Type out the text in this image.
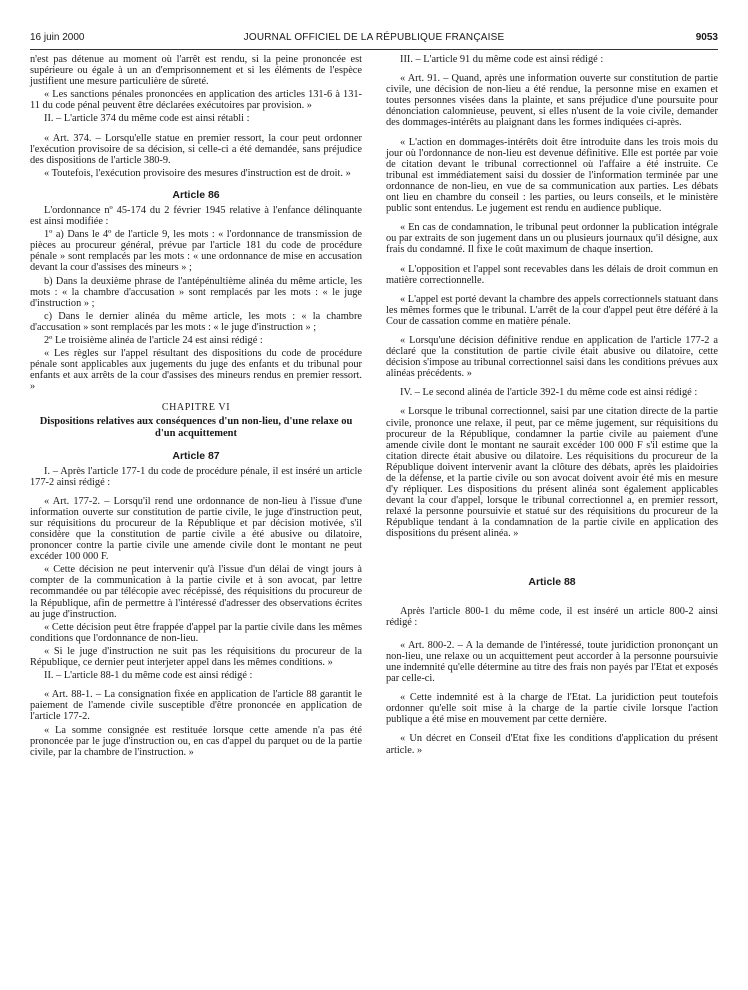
16 juin 2000	JOURNAL OFFICIEL DE LA RÉPUBLIQUE FRANÇAISE	9053

n'est pas détenue au moment où l'arrêt est rendu, si la peine prononcée est supérieure ou égale à un an d'emprisonnement et si les éléments de l'espèce justifient une mesure particulière de sûreté.

« Les sanctions pénales prononcées en application des articles 131-6 à 131-11 du code pénal peuvent être déclarées exécutoires par provision. »

II. – L'article 374 du même code est ainsi rétabli :

« Art. 374. – Lorsqu'elle statue en premier ressort, la cour peut ordonner l'exécution provisoire de sa décision, si celle-ci a été demandée, sans préjudice des dispositions de l'article 380-9.

« Toutefois, l'exécution provisoire des mesures d'instruction est de droit. »

Article 86

L'ordonnance nº 45-174 du 2 février 1945 relative à l'enfance délinquante est ainsi modifiée :

1º a) Dans le 4º de l'article 9, les mots : « l'ordonnance de transmission de pièces au procureur général, prévue par l'article 181 du code de procédure pénale » sont remplacés par les mots : « une ordonnance de mise en accusation devant la cour d'assises des mineurs » ;

b) Dans la deuxième phrase de l'antépénultième alinéa du même article, les mots : « la chambre d'accusation » sont remplacés par les mots : « le juge d'instruction » ;

c) Dans le dernier alinéa du même article, les mots : « la chambre d'accusation » sont remplacés par les mots : « le juge d'instruction » ;

2º Le troisième alinéa de l'article 24 est ainsi rédigé :

« Les règles sur l'appel résultant des dispositions du code de procédure pénale sont applicables aux jugements du juge des enfants et du tribunal pour enfants et aux arrêts de la cour d'assises des mineurs rendus en premier ressort. »

CHAPITRE VI
Dispositions relatives aux conséquences d'un non-lieu, d'une relaxe ou d'un acquittement
Article 87

I. – Après l'article 177-1 du code de procédure pénale, il est inséré un article 177-2 ainsi rédigé :

« Art. 177-2. – Lorsqu'il rend une ordonnance de non-lieu à l'issue d'une information ouverte sur constitution de partie civile, le juge d'instruction peut, sur réquisitions du procureur de la République et par décision motivée, s'il considère que la constitution de partie civile a été abusive ou dilatoire, prononcer contre la partie civile une amende civile dont le montant ne peut excéder 100 000 F.

« Cette décision ne peut intervenir qu'à l'issue d'un délai de vingt jours à compter de la communication à la partie civile et à son avocat, par lettre recommandée ou par télécopie avec récépissé, des réquisitions du procureur de la République, afin de permettre à l'intéressé d'adresser des observations écrites au juge d'instruction.

« Cette décision peut être frappée d'appel par la partie civile dans les mêmes conditions que l'ordonnance de non-lieu.

« Si le juge d'instruction ne suit pas les réquisitions du procureur de la République, ce dernier peut interjeter appel dans les mêmes conditions. »

II. – L'article 88-1 du même code est ainsi rédigé :

« Art. 88-1. – La consignation fixée en application de l'article 88 garantit le paiement de l'amende civile susceptible d'être prononcée en application de l'article 177-2.

« La somme consignée est restituée lorsque cette amende n'a pas été prononcée par le juge d'instruction ou, en cas d'appel du parquet ou de la partie civile, par la chambre de l'instruction. »

III. – L'article 91 du même code est ainsi rédigé :

« Art. 91. – Quand, après une information ouverte sur constitution de partie civile, une décision de non-lieu a été rendue, la personne mise en examen et toutes personnes visées dans la plainte, et sans préjudice d'une poursuite pour dénonciation calomnieuse, peuvent, si elles n'usent de la voie civile, demander des dommages-intérêts au plaignant dans les formes indiquées ci-après.

« L'action en dommages-intérêts doit être introduite dans les trois mois du jour où l'ordonnance de non-lieu est devenue définitive. Elle est portée par voie de citation devant le tribunal correctionnel où l'affaire a été instruite. Ce tribunal est immédiatement saisi du dossier de l'information terminée par une ordonnance de non-lieu, en vue de sa communication aux parties. Les débats ont lieu en chambre du conseil : les parties, ou leurs conseils, et le ministère public sont entendus. Le jugement est rendu en audience publique.

« En cas de condamnation, le tribunal peut ordonner la publication intégrale ou par extraits de son jugement dans un ou plusieurs journaux qu'il désigne, aux frais du condamné. Il fixe le coût maximum de chaque insertion.

« L'opposition et l'appel sont recevables dans les délais de droit commun en matière correctionnelle.

« L'appel est porté devant la chambre des appels correctionnels statuant dans les mêmes formes que le tribunal. L'arrêt de la cour d'appel peut être déféré à la Cour de cassation comme en matière pénale.

« Lorsqu'une décision définitive rendue en application de l'article 177-2 a déclaré que la constitution de partie civile était abusive ou dilatoire, cette décision s'impose au tribunal correctionnel saisi dans les conditions prévues aux alinéas précédents. »

IV. – Le second alinéa de l'article 392-1 du même code est ainsi rédigé :

« Lorsque le tribunal correctionnel, saisi par une citation directe de la partie civile, prononce une relaxe, il peut, par ce même jugement, sur réquisitions du procureur de la République, condamner la partie civile au paiement d'une amende civile dont le montant ne saurait excéder 100 000 F s'il estime que la citation directe était abusive ou dilatoire. Les réquisitions du procureur de la République doivent intervenir avant la clôture des débats, après les plaidoiries de la défense, et la partie civile ou son avocat doivent avoir été mis en mesure d'y répliquer. Les dispositions du présent alinéa sont également applicables devant la cour d'appel, lorsque le tribunal correctionnel a, en premier ressort, relaxé la personne poursuivie et statué sur des réquisitions du procureur de la République tendant à la condamnation de la partie civile en application des dispositions du présent alinéa. »

Article 88

Après l'article 800-1 du même code, il est inséré un article 800-2 ainsi rédigé :

« Art. 800-2. – A la demande de l'intéressé, toute juridiction prononçant un non-lieu, une relaxe ou un acquittement peut accorder à la personne poursuivie une indemnité qu'elle détermine au titre des frais non payés par l'Etat et exposés par celle-ci.

« Cette indemnité est à la charge de l'Etat. La juridiction peut toutefois ordonner qu'elle soit mise à la charge de la partie civile lorsque l'action publique a été mise en mouvement par cette dernière.

« Un décret en Conseil d'Etat fixe les conditions d'application du présent article. »
